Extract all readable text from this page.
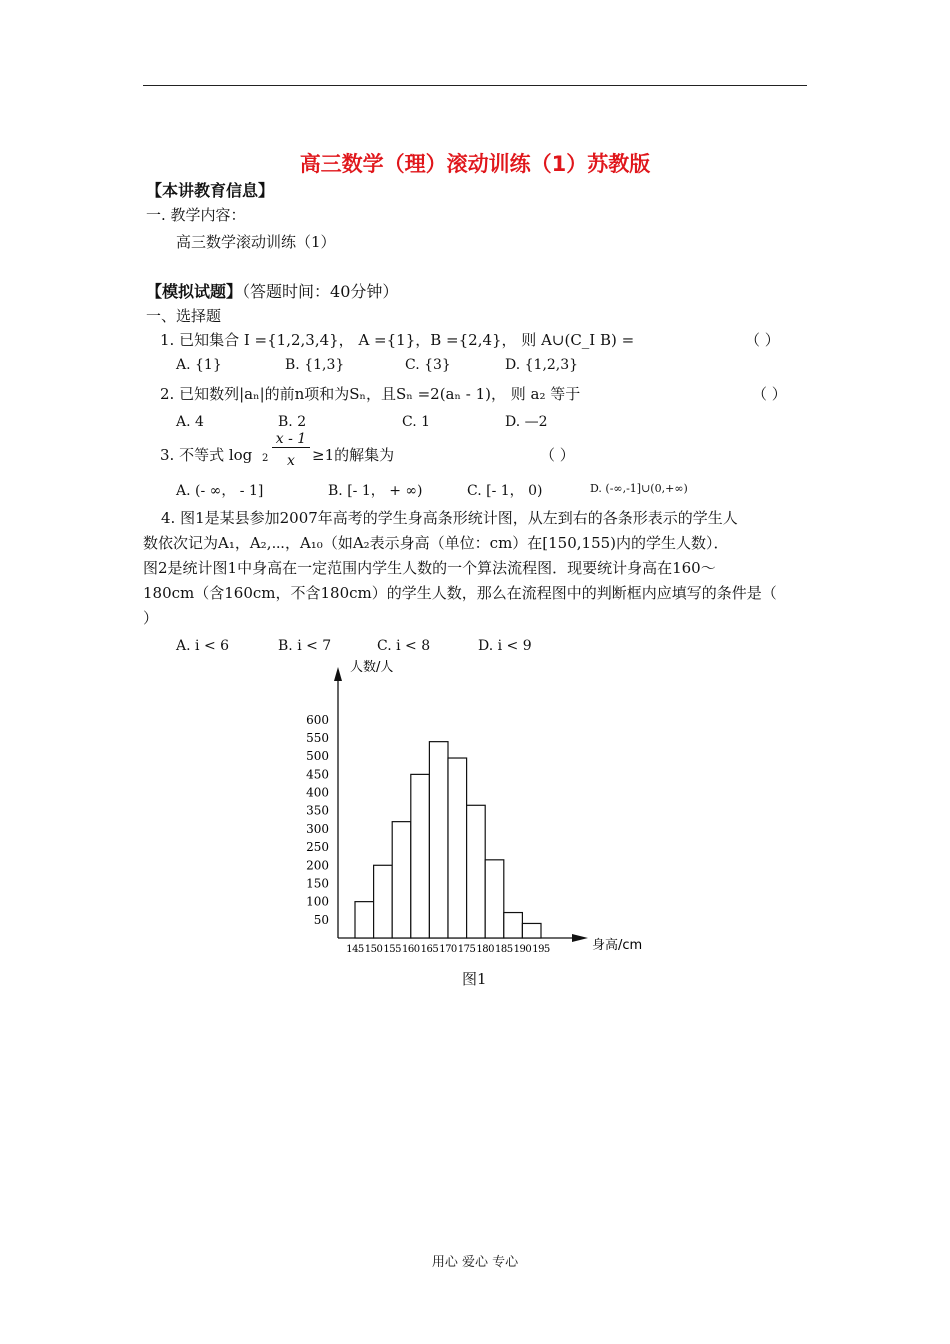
高三数学（理）滚动训练（1）苏教版
【本讲教育信息】
一. 教学内容：
高三数学滚动训练（1）
【模拟试题】（答题时间：40分钟）
一、选择题
1. 已知集合 I ={1,2,3,4}， A ={1}，B ={2,4}， 则 A∪(C_I B) =	（ ）
A. {1}	B. {1,3}	C. {3}	D. {1,2,3}
2. 已知数列|aₙ|的前n项和为Sₙ，且Sₙ =2(aₙ - 1)， 则 a₂ 等于	（ ）
A. 4	B. 2	C. 1	D. —2
3. 不等式 log 2
x - 1
x	≥1的解集为	（ ）
A. (- ∞， - 1]	B. [- 1， + ∞)	C. [- 1， 0)	D. (-∞,-1]∪(0,+∞)
4. 图1是某县参加2007年高考的学生身高条形统计图，从左到右的各条形表示的学生人
数依次记为A₁，A₂,⋯，A₁₀（如A₂表示身高（单位：cm）在[150,155)内的学生人数）．
图2是统计图1中身高在一定范围内学生人数的一个算法流程图．现要统计身高在160～
180cm（含160cm，不含180cm）的学生人数，那么在流程图中的判断框内应填写的条件是（
）
A. i < 6	B. i < 7	C. i < 8	D. i < 9
50
100
150
200
250
300
350
400
450
500
550
600
145 150 155 160 165 170 175 180 185 190 195
人数/人
身高/cm
图1
用心 爱心 专心
